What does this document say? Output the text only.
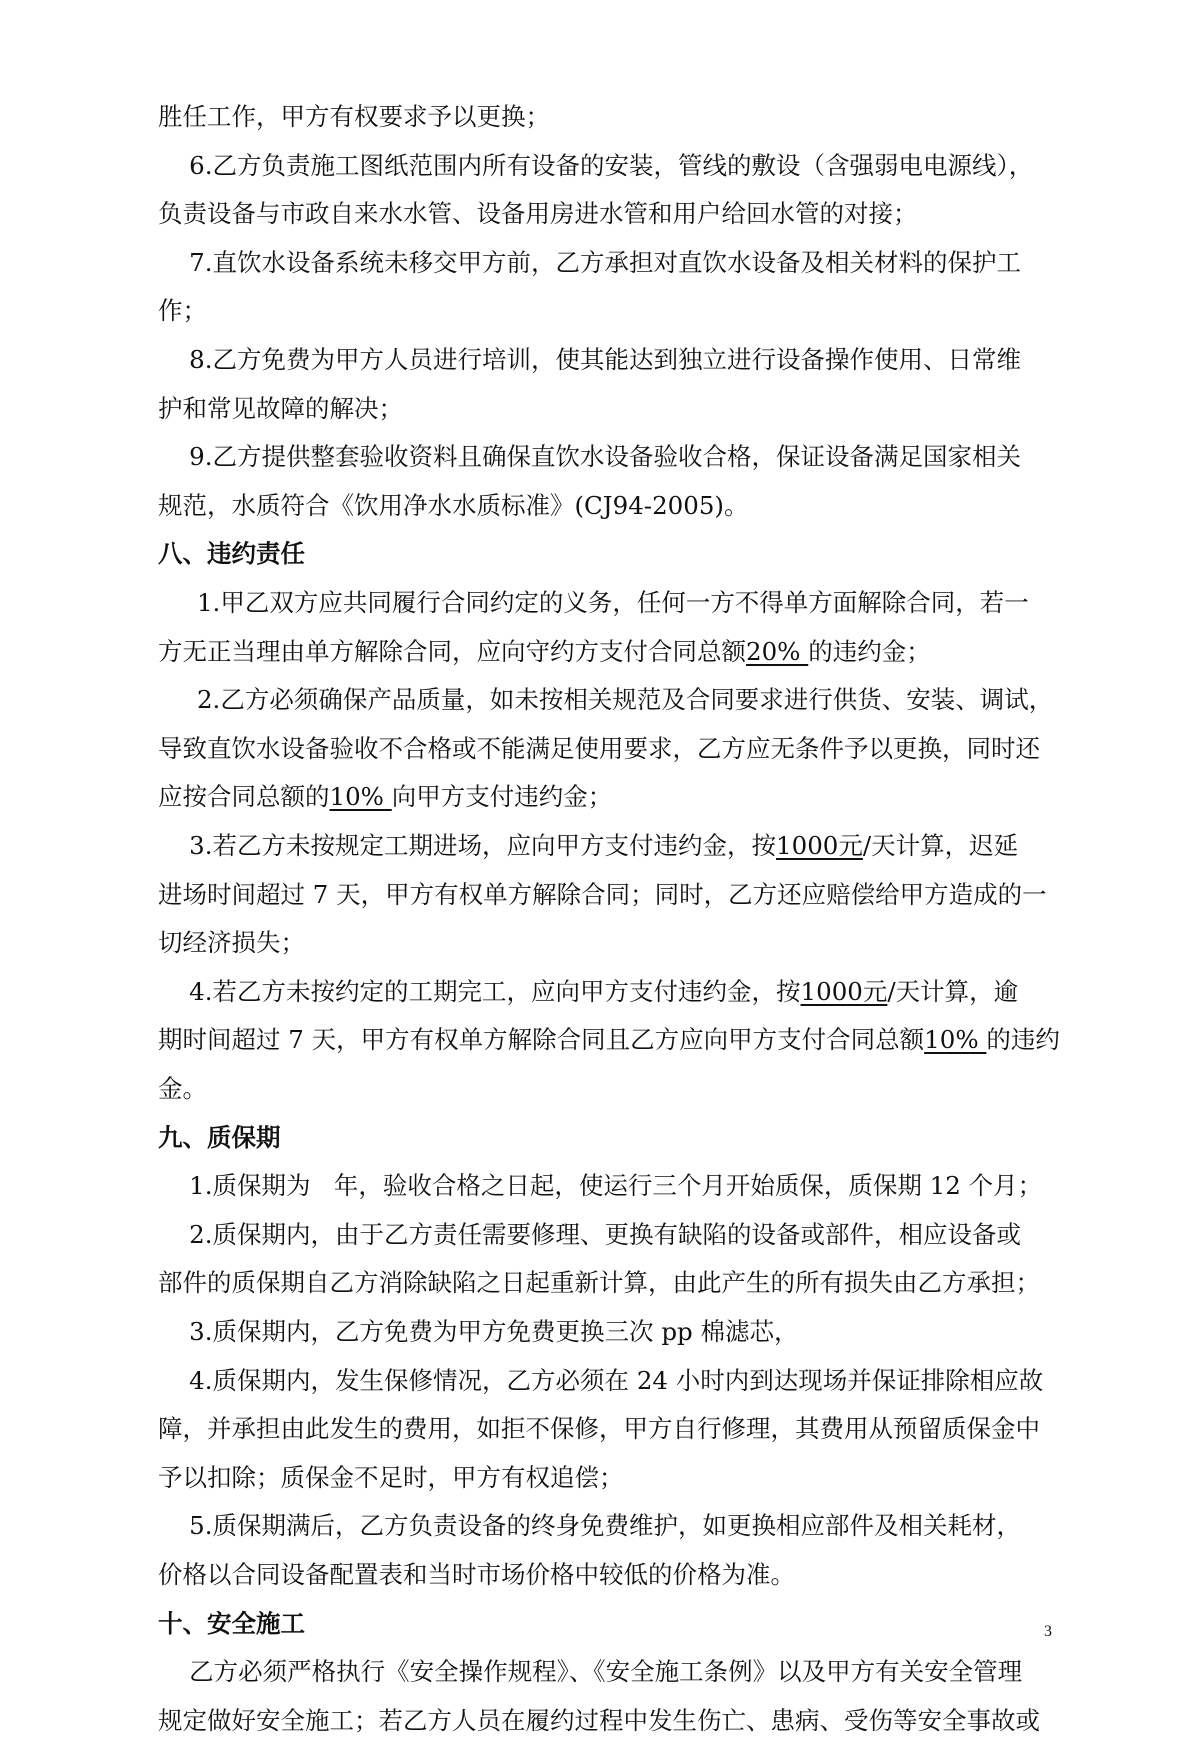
胜任工作，甲方有权要求予以更换；

6.乙方负责施工图纸范围内所有设备的安装，管线的敷设（含强弱电电源线），

负责设备与市政自来水水管、设备用房进水管和用户给回水管的对接；

7.直饮水设备系统未移交甲方前，乙方承担对直饮水设备及相关材料的保护工

作；

8.乙方免费为甲方人员进行培训，使其能达到独立进行设备操作使用、日常维

护和常见故障的解决；

9.乙方提供整套验收资料且确保直饮水设备验收合格，保证设备满足国家相关

规范，水质符合《饮用净水水质标准》(CJ94-2005)。

八、违约责任

1.甲乙双方应共同履行合同约定的义务，任何一方不得单方面解除合同，若一

方无正当理由单方解除合同，应向守约方支付合同总额20% 的违约金；

2.乙方必须确保产品质量，如未按相关规范及合同要求进行供货、安装、调试，

导致直饮水设备验收不合格或不能满足使用要求，乙方应无条件予以更换，同时还

应按合同总额的10% 向甲方支付违约金；

3.若乙方未按规定工期进场，应向甲方支付违约金，按1000元/天计算，迟延

进场时间超过 7 天，甲方有权单方解除合同；同时，乙方还应赔偿给甲方造成的一

切经济损失；

4.若乙方未按约定的工期完工，应向甲方支付违约金，按1000元/天计算，逾

期时间超过 7 天，甲方有权单方解除合同且乙方应向甲方支付合同总额10% 的违约

金。

九、质保期

1.质保期为   年，验收合格之日起，使运行三个月开始质保，质保期 12 个月；

2.质保期内，由于乙方责任需要修理、更换有缺陷的设备或部件，相应设备或

部件的质保期自乙方消除缺陷之日起重新计算，由此产生的所有损失由乙方承担；

3.质保期内，乙方免费为甲方免费更换三次 pp 棉滤芯，

4.质保期内，发生保修情况，乙方必须在 24 小时内到达现场并保证排除相应故

障，并承担由此发生的费用，如拒不保修，甲方自行修理，其费用从预留质保金中

予以扣除；质保金不足时，甲方有权追偿；

5.质保期满后，乙方负责设备的终身免费维护，如更换相应部件及相关耗材，

价格以合同设备配置表和当时市场价格中较低的价格为准。

十、安全施工

乙方必须严格执行《安全操作规程》、《安全施工条例》以及甲方有关安全管理

规定做好安全施工；若乙方人员在履约过程中发生伤亡、患病、受伤等安全事故或

3
